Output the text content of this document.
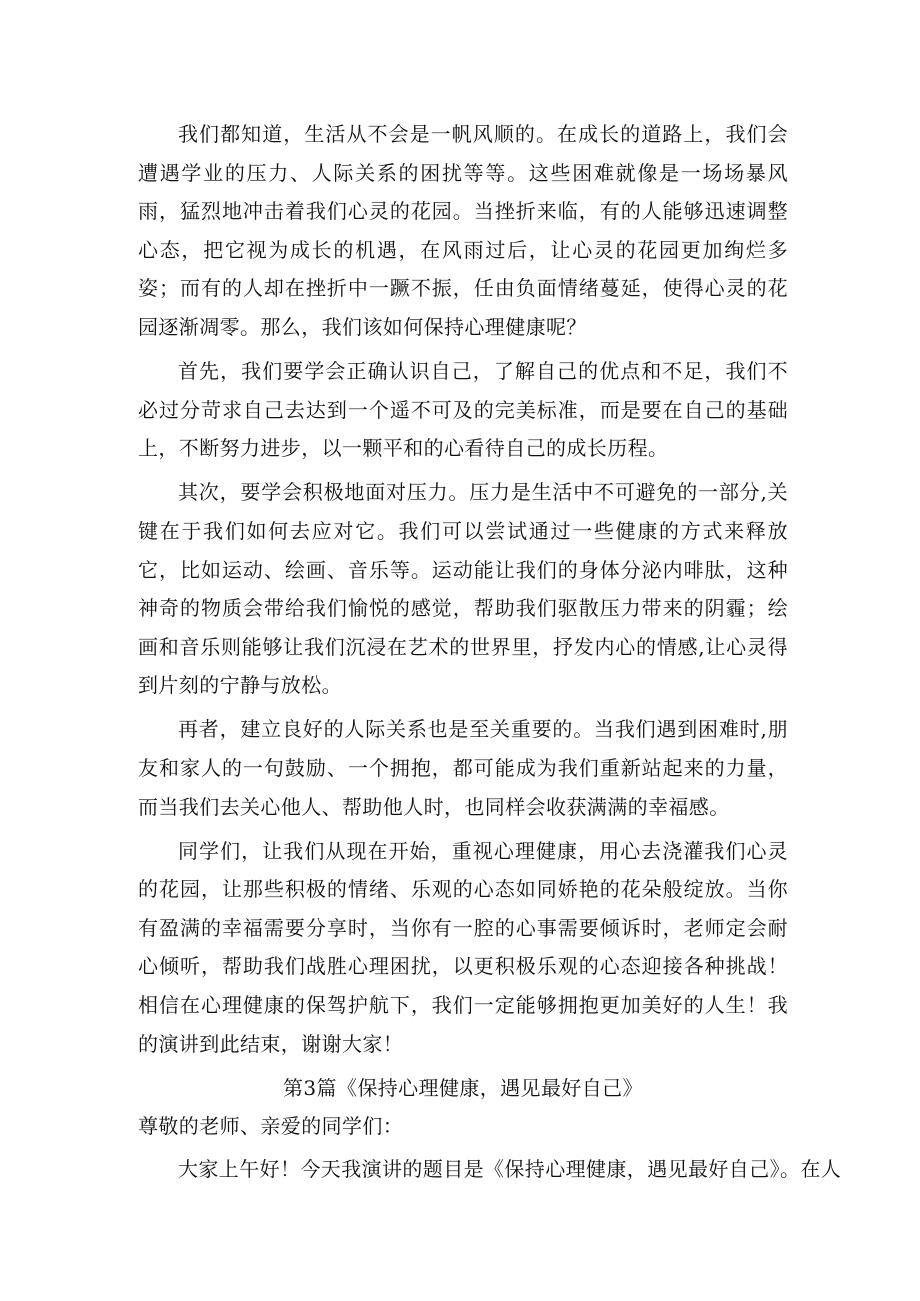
我们都知道，生活从不会是一帆风顺的。在成长的道路上，我们会遭遇学业的压力、人际关系的困扰等等。这些困难就像是一场场暴风雨，猛烈地冲击着我们心灵的花园。当挫折来临，有的人能够迅速调整心态，把它视为成长的机遇，在风雨过后，让心灵的花园更加绚烂多姿；而有的人却在挫折中一蹶不振，任由负面情绪蔓延，使得心灵的花园逐渐凋零。那么，我们该如何保持心理健康呢？

首先，我们要学会正确认识自己，了解自己的优点和不足，我们不必过分苛求自己去达到一个遥不可及的完美标准，而是要在自己的基础上，不断努力进步，以一颗平和的心看待自己的成长历程。

其次，要学会积极地面对压力。压力是生活中不可避免的一部分,关键在于我们如何去应对它。我们可以尝试通过一些健康的方式来释放它，比如运动、绘画、音乐等。运动能让我们的身体分泌内啡肽，这种神奇的物质会带给我们愉悦的感觉，帮助我们驱散压力带来的阴霾；绘画和音乐则能够让我们沉浸在艺术的世界里，抒发内心的情感,让心灵得到片刻的宁静与放松。

再者，建立良好的人际关系也是至关重要的。当我们遇到困难时,朋友和家人的一句鼓励、一个拥抱，都可能成为我们重新站起来的力量，而当我们去关心他人、帮助他人时，也同样会收获满满的幸福感。

同学们，让我们从现在开始，重视心理健康，用心去浇灌我们心灵的花园，让那些积极的情绪、乐观的心态如同娇艳的花朵般绽放。当你有盈满的幸福需要分享时，当你有一腔的心事需要倾诉时，老师定会耐心倾听，帮助我们战胜心理困扰，以更积极乐观的心态迎接各种挑战！相信在心理健康的保驾护航下，我们一定能够拥抱更加美好的人生！我的演讲到此结束，谢谢大家！

第3篇《保持心理健康，遇见最好自己》

尊敬的老师、亲爱的同学们：

大家上午好！今天我演讲的题目是《保持心理健康，遇见最好自己》。在人
